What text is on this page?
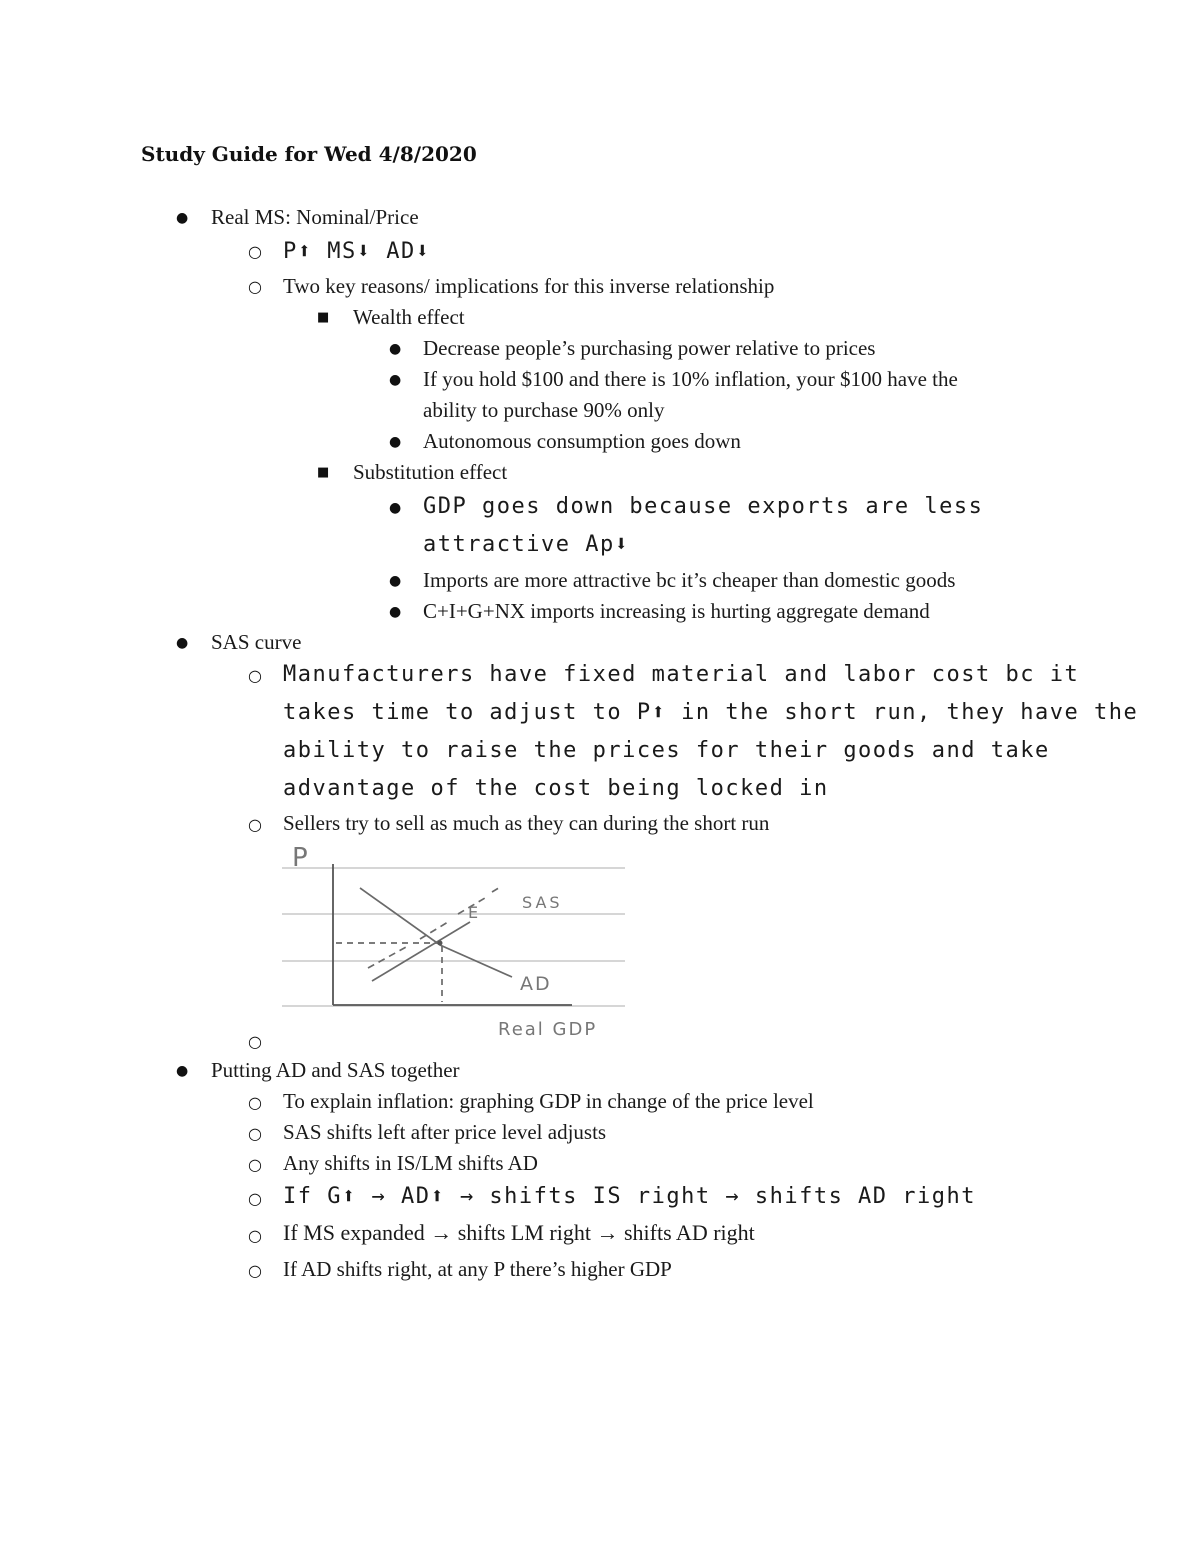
Study Guide for Wed 4/8/2020
● Real MS: Nominal/Price
○ P⬆ MS⬇ AD⬇
○ Two key reasons/ implications for this inverse relationship
■ Wealth effect
● Decrease people’s purchasing power relative to prices
● If you hold $100 and there is 10% inflation, your $100 have the
ability to purchase 90% only
● Autonomous consumption goes down
■ Substitution effect
● GDP goes down because exports are less
attractive Ap⬇
● Imports are more attractive bc it’s cheaper than domestic goods
● C+I+G+NX imports increasing is hurting aggregate demand
● SAS curve
○ Manufacturers have fixed material and labor cost bc it
takes time to adjust to P⬆ in the short run, they have the
ability to raise the prices for their goods and take
advantage of the cost being locked in
○ Sellers try to sell as much as they can during the short run
P
E
SAS
AD
Real GDP
○
● Putting AD and SAS together
○ To explain inflation: graphing GDP in change of the price level
○ SAS shifts left after price level adjusts
○ Any shifts in IS/LM shifts AD
○ If G⬆ → AD⬆ → shifts IS right → shifts AD right
○ If MS expanded → shifts LM right → shifts AD right
○ If AD shifts right, at any P there’s higher GDP
